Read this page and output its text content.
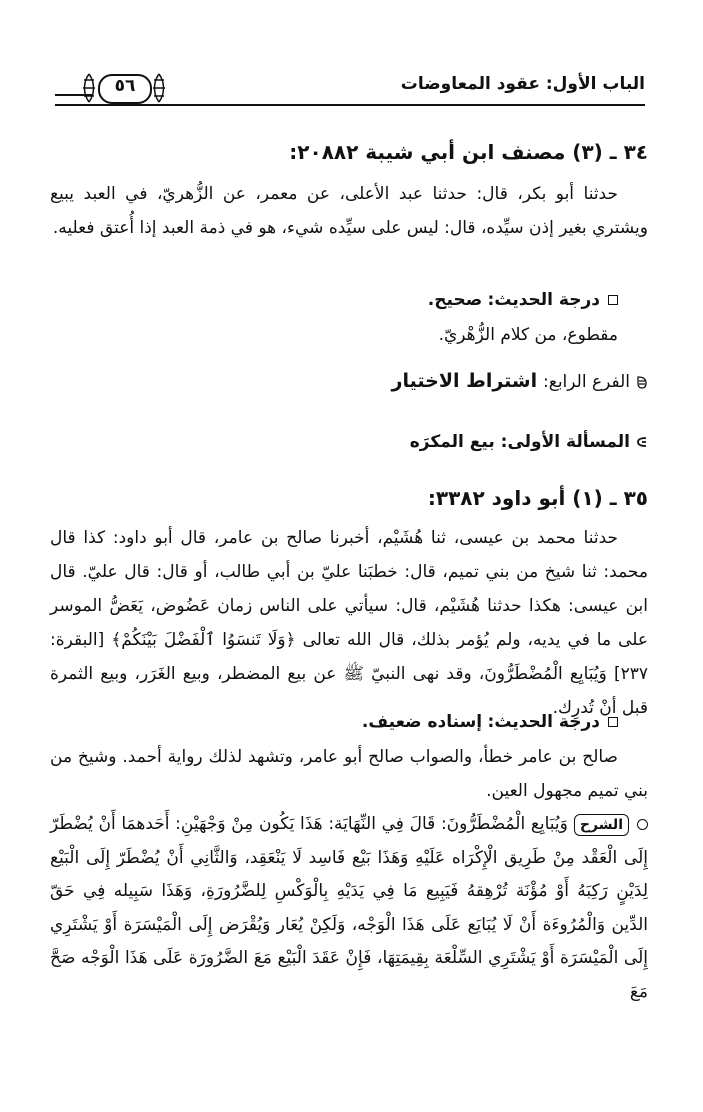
الباب الأول: عقود المعاوضات
٥٦
٣٤ ـ (٣) مصنف ابن أبي شيبة ٢٠٨٨٢:
حدثنا أبو بكر، قال: حدثنا عبد الأعلى، عن معمر، عن الزُّهريّ، في العبد يبيع ويشتري بغير إذن سيِّده، قال: ليس على سيِّده شيء، هو في ذمة العبد إذا أُعتق فعليه.
درجة الحديث: صحيح.
مقطوع، من كلام الزُّهْريّ.
الفرع الرابع: اشتراط الاختيار
المسألة الأولى: بيع المكرَه
٣٥ ـ (١) أبو داود ٣٣٨٢:
حدثنا محمد بن عيسى، ثنا هُشَيْم، أخبرنا صالح بن عامر، قال أبو داود: كذا قال محمد: ثنا شيخ من بني تميم، قال: خطبَنا عليّ بن أبي طالب، أو قال: قال عليّ. قال ابن عيسى: هكذا حدثنا هُشَيْم، قال: سيأتي على الناس زمان عَضُوض، يَعَضُّ الموسر على ما في يديه، ولم يُؤمر بذلك، قال الله تعالى ﴿وَلَا تَنسَوُا ٱلْفَضْلَ بَيْنَكُمْ﴾ [البقرة: ٢٣٧] وَيُبَايِع الْمُضْطَرُّونَ، وقد نهى النبيّ ﷺ عن بيع المضطر، وبيع الغَرَر، وبيع الثمرة قبل أنْ تُدرِك.
درجة الحديث: إسناده ضعيف.
صالح بن عامر خطأ، والصواب صالح أبو عامر، وتشهد لذلك رواية أحمد. وشيخ من بني تميم مجهول العين.
الشرحوَيُبَايِع الْمُضْطَرُّونَ: قَالَ فِي النِّهَايَة: هَذَا يَكُون مِنْ وَجْهَيْنِ: أَحَدهمَا أَنْ يُضْطَرّ إِلَى الْعَقْد مِنْ طَرِيق الْإِكْرَاه عَلَيْهِ وَهَذَا بَيْع فَاسِد لَا يَنْعَقِد، وَالثَّانِي أَنْ يُضْطَرّ إِلَى الْبَيْع لِدَيْنٍ رَكِبَهُ أَوْ مُؤْنَة تُرْهِقهُ فَيَبِيع مَا فِي يَدَيْهِ بِالْوَكْسِ لِلضَّرُورَةِ، وَهَذَا سَبِيله فِي حَقّ الدِّين وَالْمُرُوءَة أَنْ لَا يُبَايَع عَلَى هَذَا الْوَجْه، وَلَكِنْ يُعَار وَيُقْرَض إِلَى الْمَيْسَرَة أَوْ يَشْتَرِي إِلَى الْمَيْسَرَة أَوْ يَشْتَرِي السِّلْعَة بِقِيمَتِهَا، فَإِنْ عَقَدَ الْبَيْع مَعَ الضَّرُورَة عَلَى هَذَا الْوَجْه صَحَّ مَعَ
